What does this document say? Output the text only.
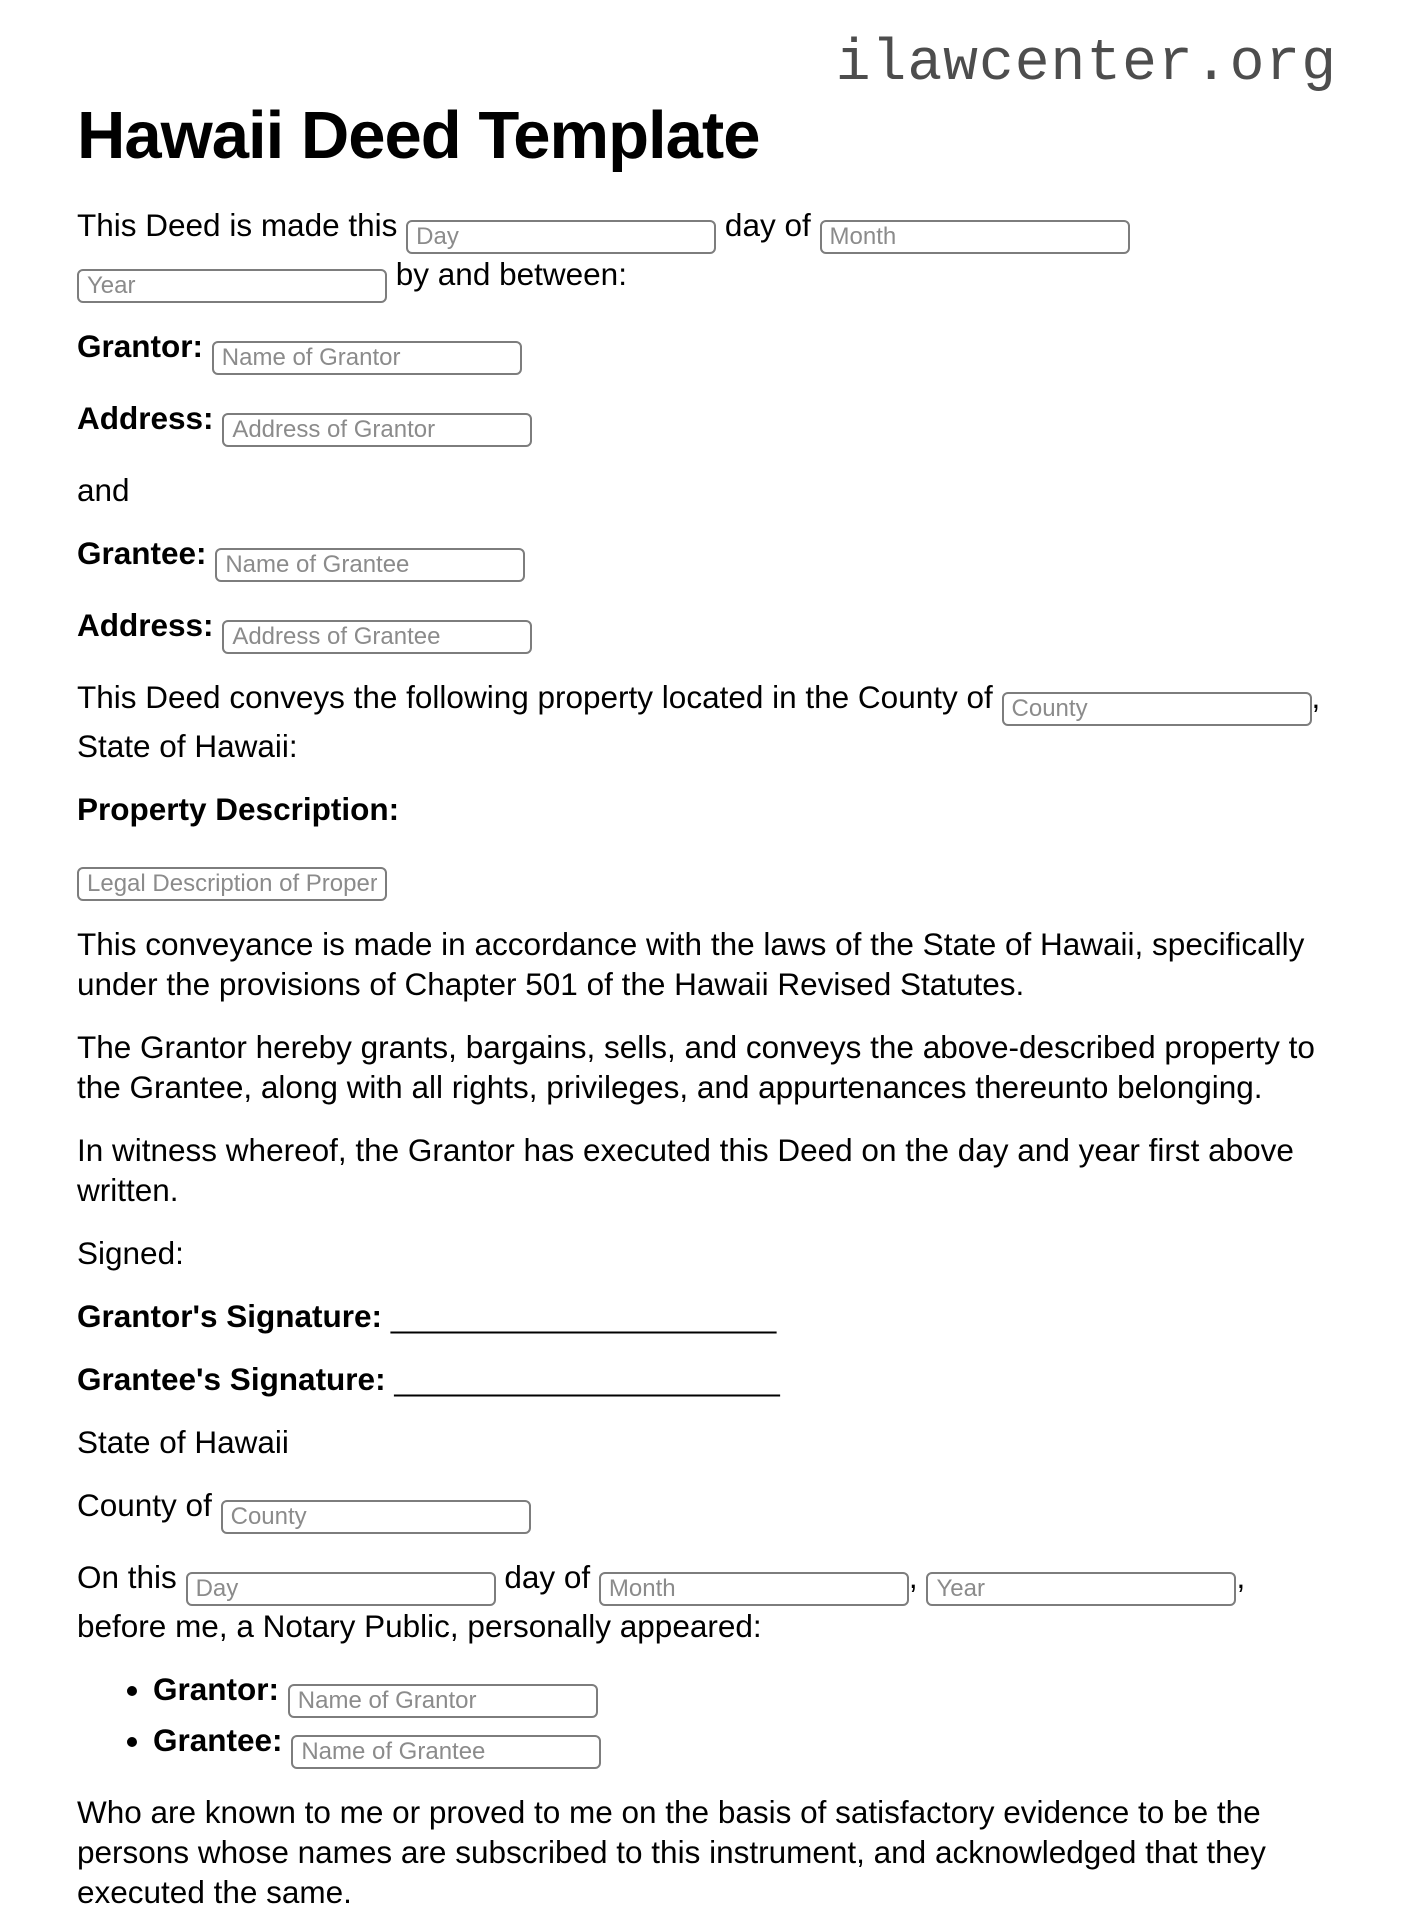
ilawcenter.org
Hawaii Deed Template

This Deed is made this Day	day of Month Year by and between:

Grantor: Name of Grantor

Address: Address of Grantor

and

Grantee: Name of Grantee

Address: Address of Grantee

This Deed conveys the following property located in the County of County	,
State of Hawaii:

Property Description:

Legal Description of Property

This conveyance is made in accordance with the laws of the State of Hawaii, specifically under the provisions of Chapter 501 of the Hawaii Revised Statutes.

The Grantor hereby grants, bargains, sells, and conveys the above-described property to the Grantee, along with all rights, privileges, and appurtenances thereunto belonging.

In witness whereof, the Grantor has executed this Deed on the day and year first above written.

Signed:

Grantor's Signature: ______________________

Grantee's Signature: ______________________

State of Hawaii

County of County

On this Day	day of Month	, Year	,
before me, a Notary Public, personally appeared:

• Grantor: Name of Grantor
• Grantee: Name of Grantee

Who are known to me or proved to me on the basis of satisfactory evidence to be the persons whose names are subscribed to this instrument, and acknowledged that they executed the same.
